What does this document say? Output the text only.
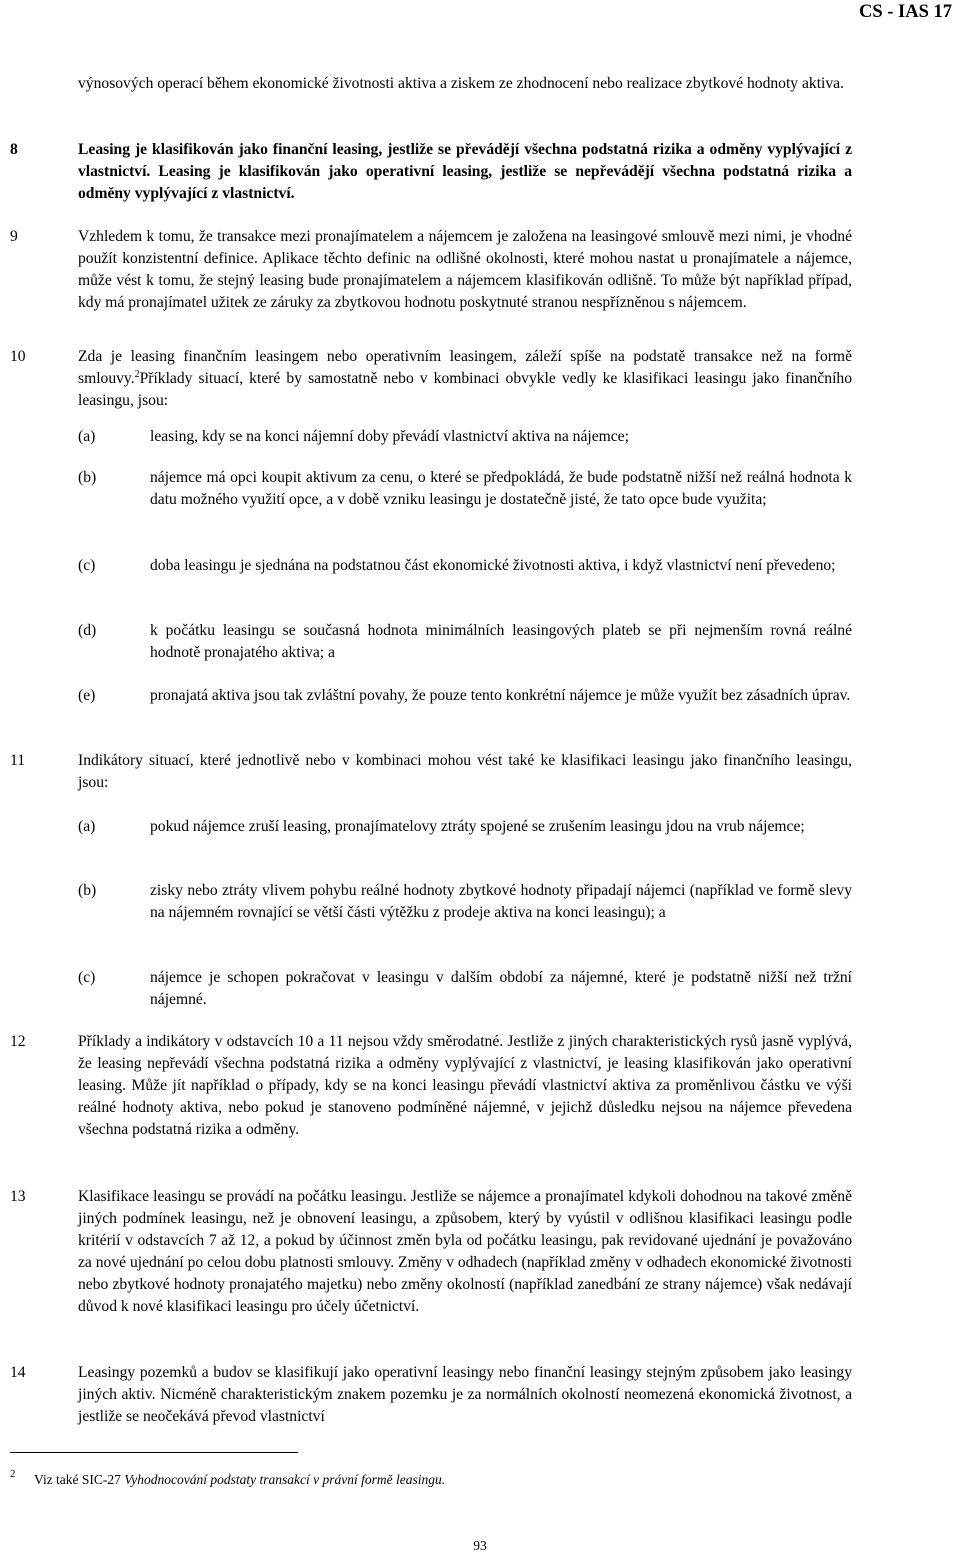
CS - IAS 17
výnosových operací během ekonomické životnosti aktiva a ziskem ze zhodnocení nebo realizace zbytkové hodnoty aktiva.
8	Leasing je klasifikován jako finanční leasing, jestliže se převádějí všechna podstatná rizika a odměny vyplývající z vlastnictví. Leasing je klasifikován jako operativní leasing, jestliže se nepřevádějí všechna podstatná rizika a odměny vyplývající z vlastnictví.
9	Vzhledem k tomu, že transakce mezi pronajímatelem a nájemcem je založena na leasingové smlouvě mezi nimi, je vhodné použít konzistentní definice. Aplikace těchto definic na odlišné okolnosti, které mohou nastat u pronajímatele a nájemce, může vést k tomu, že stejný leasing bude pronajímatelem a nájemcem klasifikován odlišně. To může být například případ, kdy má pronajímatel užitek ze záruky za zbytkovou hodnotu poskytnuté stranou nespřízněnou s nájemcem.
10	Zda je leasing finančním leasingem nebo operativním leasingem, záleží spíše na podstatě transakce než na formě smlouvy.$^2$Příklady situací, které by samostatně nebo v kombinaci obvykle vedly ke klasifikaci leasingu jako finančního leasingu, jsou:
(a)	leasing, kdy se na konci nájemní doby převádí vlastnictví aktiva na nájemce;
(b)	nájemce má opci koupit aktivum za cenu, o které se předpokládá, že bude podstatně nižší než reálná hodnota k datu možného využití opce, a v době vzniku leasingu je dostatečně jisté, že tato opce bude využita;
(c)	doba leasingu je sjednána na podstatnou část ekonomické životnosti aktiva, i když vlastnictví není převedeno;
(d)	k počátku leasingu se současná hodnota minimálních leasingových plateb se při nejmenším rovná reálné hodnotě pronajatého aktiva; a
(e)	pronajatá aktiva jsou tak zvláštní povahy, že pouze tento konkrétní nájemce je může využít bez zásadních úprav.
11	Indikátory situací, které jednotlivě nebo v kombinaci mohou vést také ke klasifikaci leasingu jako finančního leasingu, jsou:
(a)	pokud nájemce zruší leasing, pronajímatelovy ztráty spojené se zrušením leasingu jdou na vrub nájemce;
(b)	zisky nebo ztráty vlivem pohybu reálné hodnoty zbytkové hodnoty připadají nájemci (například ve formě slevy na nájemném rovnající se větší části výtěžku z prodeje aktiva na konci leasingu); a
(c)	nájemce je schopen pokračovat v leasingu v dalším období za nájemné, které je podstatně nižší než tržní nájemné.
12	Příklady a indikátory v odstavcích 10 a 11 nejsou vždy směrodatné. Jestliže z jiných charakteristických rysů jasně vyplývá, že leasing nepřevádí všechna podstatná rizika a odměny vyplývající z vlastnictví, je leasing klasifikován jako operativní leasing. Může jít například o případy, kdy se na konci leasingu převádí vlastnictví aktiva za proměnlivou částku ve výši reálné hodnoty aktiva, nebo pokud je stanoveno podmíněné nájemné, v jejichž důsledku nejsou na nájemce převedena všechna podstatná rizika a odměny.
13	Klasifikace leasingu se provádí na počátku leasingu. Jestliže se nájemce a pronajímatel kdykoli dohodnou na takové změně jiných podmínek leasingu, než je obnovení leasingu, a způsobem, který by vyústil v odlišnou klasifikaci leasingu podle kritérií v odstavcích 7 až 12, a pokud by účinnost změn byla od počátku leasingu, pak revidované ujednání je považováno za nové ujednání po celou dobu platnosti smlouvy. Změny v odhadech (například změny v odhadech ekonomické životnosti nebo zbytkové hodnoty pronajatého majetku) nebo změny okolností (například zanedbání ze strany nájemce) však nedávají důvod k nové klasifikaci leasingu pro účely účetnictví.
14	Leasingy pozemků a budov se klasifikují jako operativní leasingy nebo finanční leasingy stejným způsobem jako leasingy jiných aktiv. Nicméně charakteristickým znakem pozemku je za normálních okolností neomezená ekonomická životnost, a jestliže se neočekává převod vlastnictví
2 Viz také SIC-27 Vyhodnocování podstaty transakcí v právní formě leasingu.
93
